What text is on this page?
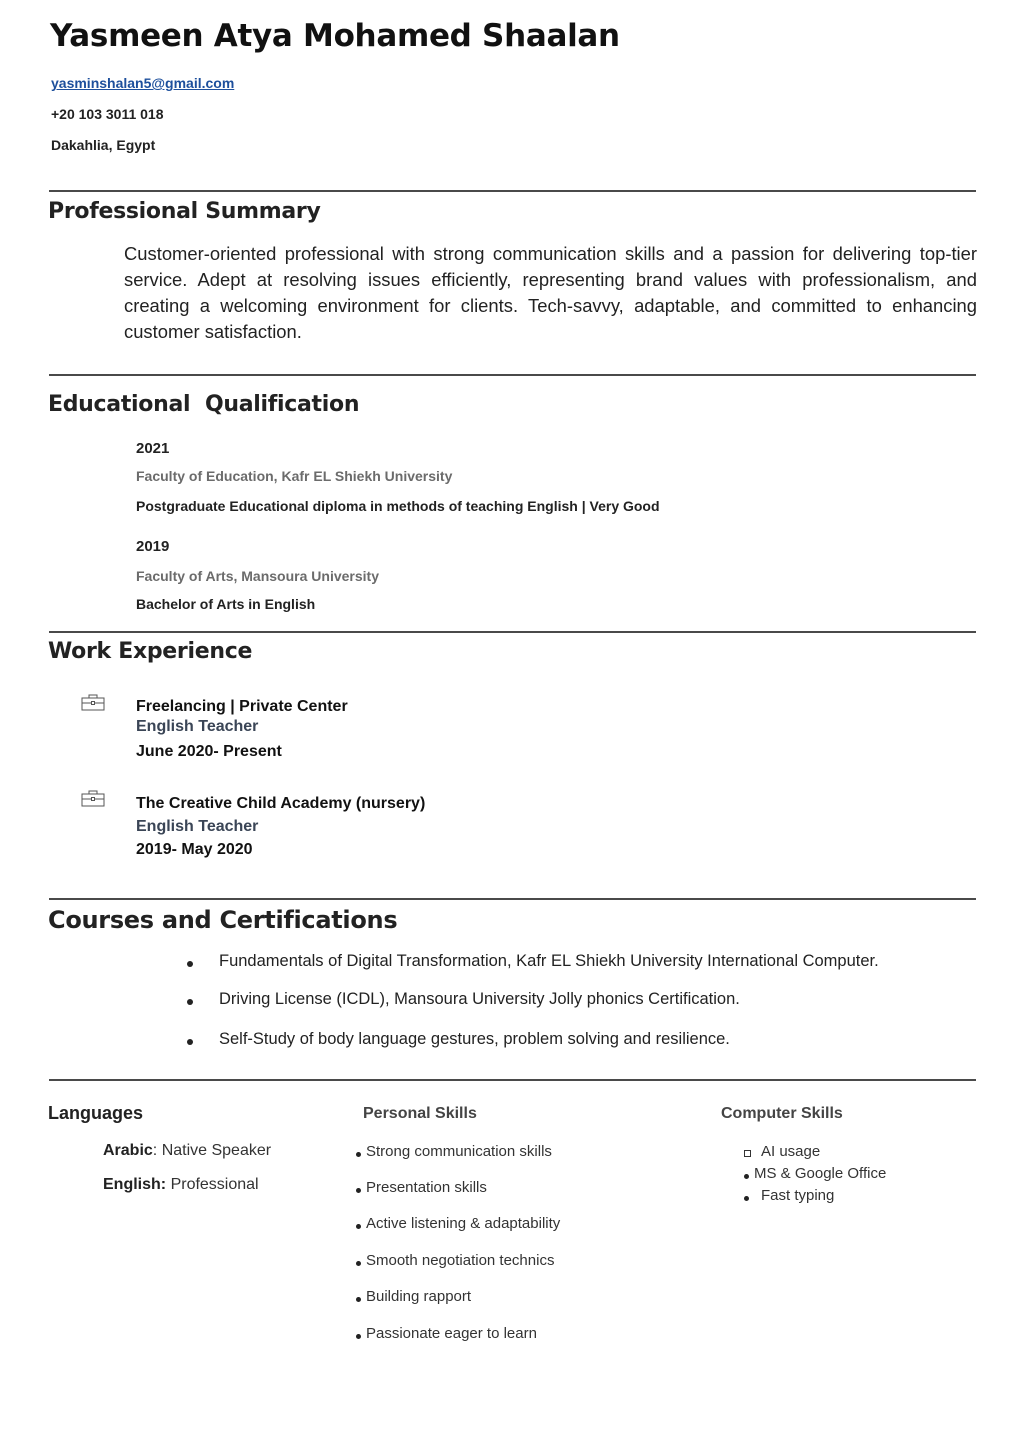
Yasmeen Atya Mohamed Shaalan
yasminshalan5@gmail.com
+20 103 3011 018
Dakahlia, Egypt
Professional Summary
Customer-oriented professional with strong communication skills and a passion for delivering top-tier service. Adept at resolving issues efficiently, representing brand values with professionalism, and creating a welcoming environment for clients. Tech-savvy, adaptable, and committed to enhancing customer satisfaction.
Educational  Qualification
2021
Faculty of Education, Kafr EL Shiekh University
Postgraduate Educational diploma in methods of teaching English | Very Good
2019
Faculty of Arts, Mansoura University
Bachelor of Arts in English
Work Experience
Freelancing | Private Center
English Teacher
June 2020- Present
The Creative Child Academy (nursery)
English Teacher
2019- May 2020
Courses and Certifications
Fundamentals of Digital Transformation, Kafr EL Shiekh University International Computer.
Driving License (ICDL), Mansoura University Jolly phonics Certification.
Self-Study of body language gestures, problem solving and resilience.
Languages
Arabic: Native Speaker
English: Professional
Personal Skills
Strong communication skills
Presentation skills
Active listening & adaptability
Smooth negotiation technics
Building rapport
Passionate eager to learn
Computer Skills
AI usage
MS & Google Office
Fast typing
